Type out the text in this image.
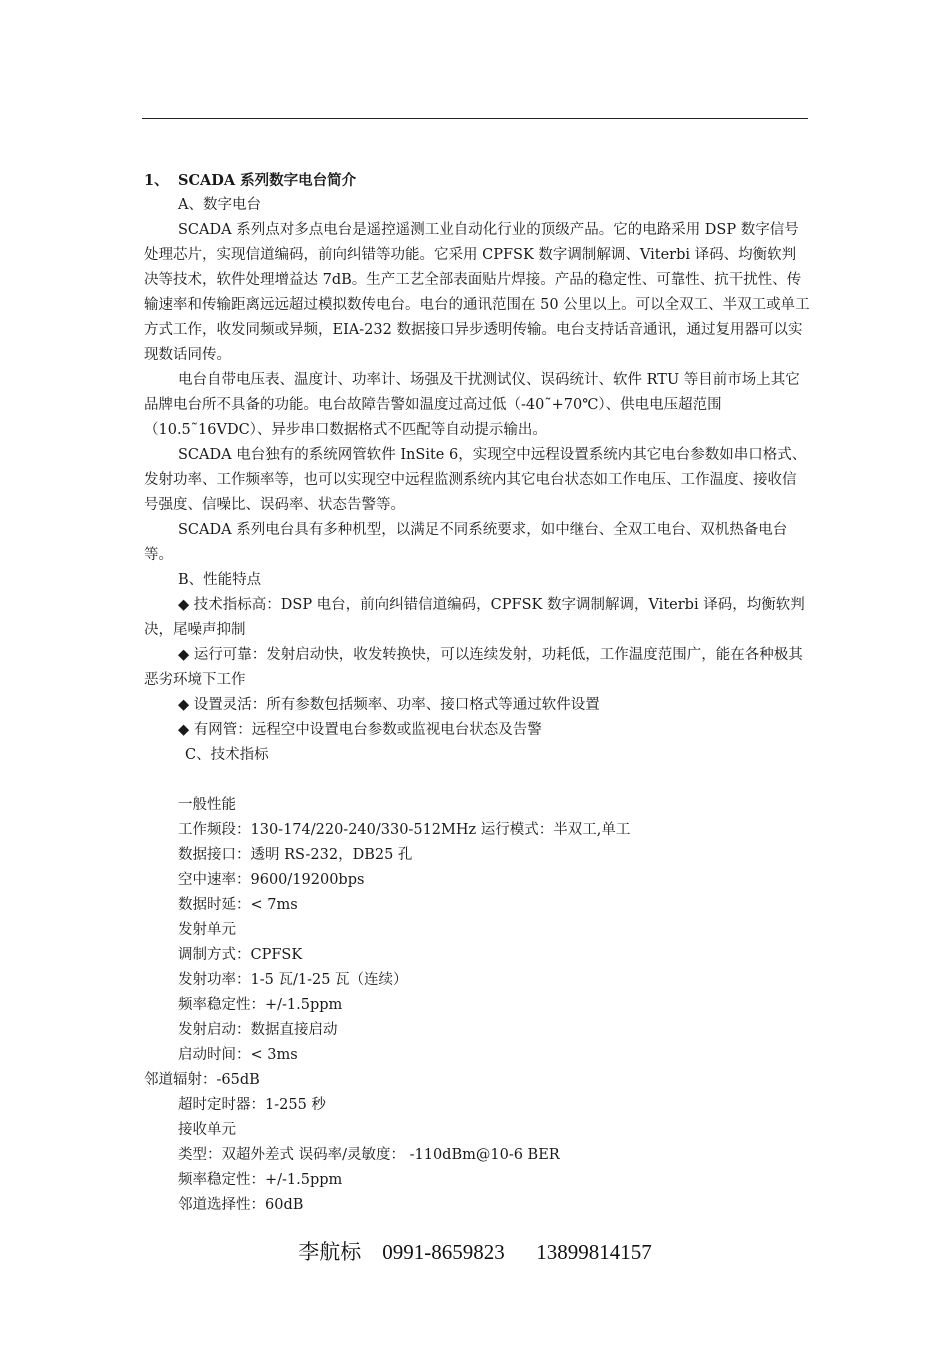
1、 SCADA 系列数字电台简介
A、数字电台
SCADA 系列点对多点电台是遥控遥测工业自动化行业的顶级产品。它的电路采用 DSP 数字信号处理芯片，实现信道编码，前向纠错等功能。它采用 CPFSK 数字调制解调、Viterbi 译码、均衡软判决等技术，软件处理增益达 7dB。生产工艺全部表面贴片焊接。产品的稳定性、可靠性、抗干扰性、传输速率和传输距离远远超过模拟数传电台。电台的通讯范围在 50 公里以上。可以全双工、半双工或单工方式工作，收发同频或异频，EIA-232 数据接口异步透明传输。电台支持话音通讯，通过复用器可以实现数话同传。
电台自带电压表、温度计、功率计、场强及干扰测试仪、误码统计、软件 RTU 等目前市场上其它品牌电台所不具备的功能。电台故障告警如温度过高过低（-40˜+70℃）、供电电压超范围（10.5˜16VDC）、异步串口数据格式不匹配等自动提示输出。
SCADA 电台独有的系统网管软件 InSite 6，实现空中远程设置系统内其它电台参数如串口格式、发射功率、工作频率等，也可以实现空中远程监测系统内其它电台状态如工作电压、工作温度、接收信号强度、信噪比、误码率、状态告警等。
SCADA 系列电台具有多种机型，以满足不同系统要求，如中继台、全双工电台、双机热备电台等。
B、性能特点
◆ 技术指标高：DSP 电台，前向纠错信道编码，CPFSK 数字调制解调，Viterbi 译码，均衡软判决，尾噪声抑制
◆ 运行可靠：发射启动快，收发转换快，可以连续发射，功耗低，工作温度范围广，能在各种极其恶劣环境下工作
◆ 设置灵活：所有参数包括频率、功率、接口格式等通过软件设置
◆ 有网管：远程空中设置电台参数或监视电台状态及告警
C、技术指标
一般性能
工作频段：130-174/220-240/330-512MHz 运行模式：半双工,单工
数据接口：透明 RS-232，DB25 孔
空中速率：9600/19200bps
数据时延：< 7ms
发射单元
调制方式：CPFSK
发射功率：1-5 瓦/1-25 瓦（连续）
频率稳定性：+/-1.5ppm
发射启动：数据直接启动
启动时间：< 3ms
邻道辐射：-65dB
超时定时器：1-255 秒
接收单元
类型：双超外差式 误码率/灵敏度： -110dBm@10-6 BER
频率稳定性：+/-1.5ppm
邻道选择性：60dB
李航标 0991-8659823 13899814157
